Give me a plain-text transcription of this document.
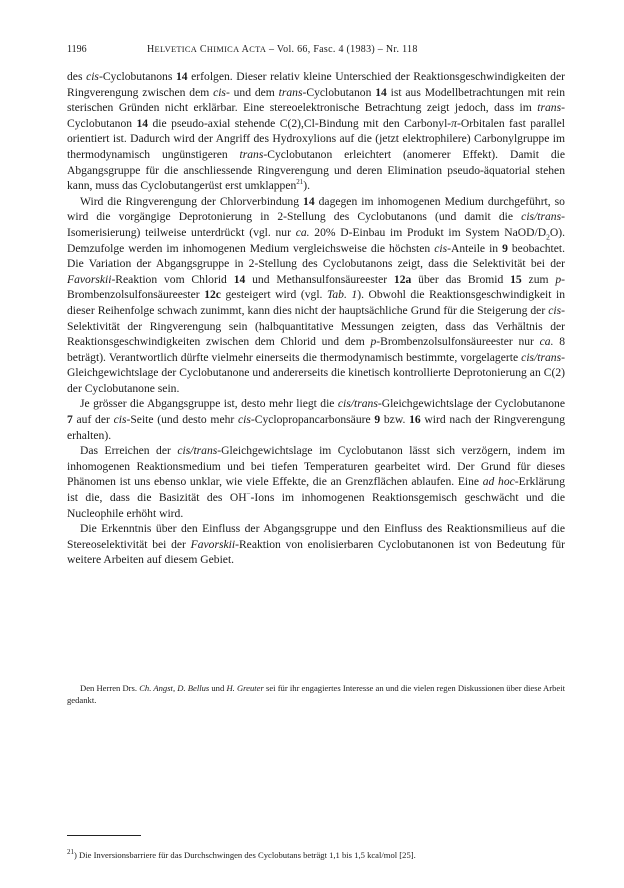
1196	HELVETICA CHIMICA ACTA – Vol. 66, Fasc. 4 (1983) – Nr. 118

des cis-Cyclobutanons 14 erfolgen. Dieser relativ kleine Unterschied der Reaktionsgeschwindigkeiten der Ringverengung zwischen dem cis- und dem trans-Cyclobutanon 14 ist aus Modellbetrachtungen mit rein sterischen Gründen nicht erklärbar. Eine stereoelektronische Betrachtung zeigt jedoch, dass im trans-Cyclobutanon 14 die pseudo-axial stehende C(2),Cl-Bindung mit den Carbonyl-π-Orbitalen fast parallel orientiert ist. Dadurch wird der Angriff des Hydroxylions auf die (jetzt elektrophilere) Carbonylgruppe im thermodynamisch ungünstigeren trans-Cyclobutanon erleichtert (anomerer Effekt). Damit die Abgangsgruppe für die anschliessende Ringverengung und deren Elimination pseudo-äquatorial stehen kann, muss das Cyclobutangerüst erst umklappen$^{21}$).

Wird die Ringverengung der Chlorverbindung 14 dagegen im inhomogenen Medium durchgeführt, so wird die vorgängige Deprotonierung in 2-Stellung des Cyclobutanons (und damit die cis/trans-Isomerisierung) teilweise unterdrückt (vgl. nur ca. 20% D-Einbau im Produkt im System NaOD/$D_2O$). Demzufolge werden im inhomogenen Medium vergleichsweise die höchsten cis-Anteile in 9 beobachtet. Die Variation der Abgangsgruppe in 2-Stellung des Cyclobutanons zeigt, dass die Selektivität bei der Favorskii-Reaktion vom Chlorid 14 und Methansulfonsäureester 12a über das Bromid 15 zum p-Brombenzolsulfonsäureester 12c gesteigert wird (vgl. Tab. 1). Obwohl die Reaktionsgeschwindigkeit in dieser Reihenfolge schwach zunimmt, kann dies nicht der hauptsächliche Grund für die Steigerung der cis-Selektivität der Ringverengung sein (halbquantitative Messungen zeigten, dass das Verhältnis der Reaktionsgeschwindigkeiten zwischen dem Chlorid und dem p-Brombenzolsulfonsäureester nur ca. 8 beträgt). Verantwortlich dürfte vielmehr einerseits die thermodynamisch bestimmte, vorgelagerte cis/trans-Gleichgewichtslage der Cyclobutanone und andererseits die kinetisch kontrollierte Deprotonierung an C(2) der Cyclobutanone sein.

Je grösser die Abgangsgruppe ist, desto mehr liegt die cis/trans-Gleichgewichtslage der Cyclobutanone 7 auf der cis-Seite (und desto mehr cis-Cyclopropancarbonsäure 9 bzw. 16 wird nach der Ringverengung erhalten).

Das Erreichen der cis/trans-Gleichgewichtslage im Cyclobutanon lässt sich verzögern, indem im inhomogenen Reaktionsmedium und bei tiefen Temperaturen gearbeitet wird. Der Grund für dieses Phänomen ist uns ebenso unklar, wie viele Effekte, die an Grenzflächen ablaufen. Eine ad hoc-Erklärung ist die, dass die Basizität des OH−-Ions im inhomogenen Reaktionsgemisch geschwächt und die Nucleophile erhöht wird.

Die Erkenntnis über den Einfluss der Abgangsgruppe und den Einfluss des Reaktionsmilieus auf die Stereoselektivität bei der Favorskii-Reaktion von enolisierbaren Cyclobutanonen ist von Bedeutung für weitere Arbeiten auf diesem Gebiet.

Den Herren Drs. Ch. Angst, D. Bellus und H. Greuter sei für ihr engagiertes Interesse an und die vielen regen Diskussionen über diese Arbeit gedankt.

$^{21}$) Die Inversionsbarriere für das Durchschwingen des Cyclobutans beträgt 1,1 bis 1,5 kcal/mol [25].
